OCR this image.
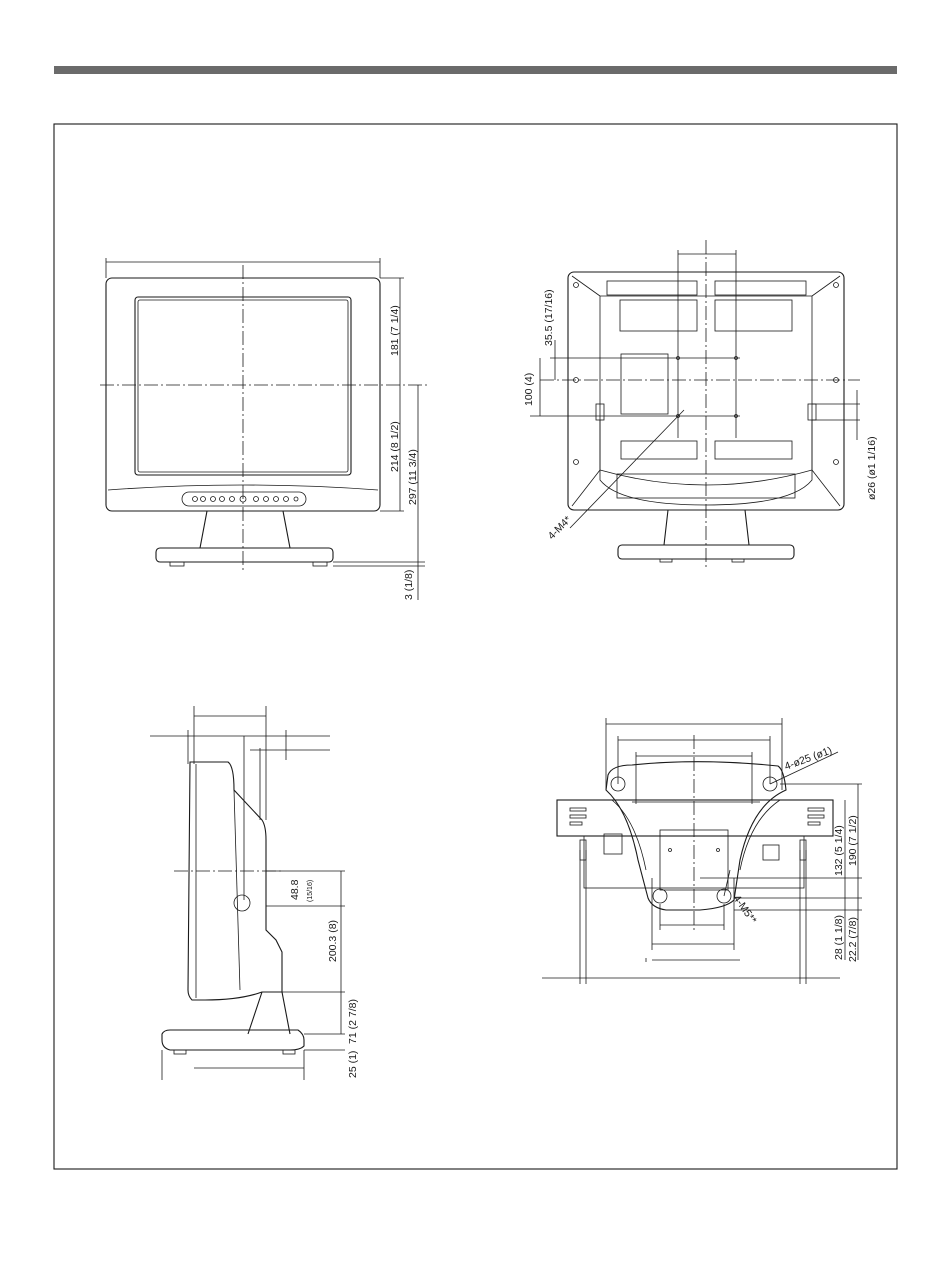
181 (7 1/4)
214 (8 1/2)
297 (11 3/4)
3 (1/8)
35.5 (17/16)
100 (4)
ø26 (ø1 1/16)
4-M4*
48.8 (15/16)
200.3 (8)
71 (2 7/8)
25 (1)
4-ø25 (ø1)
132 (5 1/4) 190 (7 1/2)
28 (1 1/8) 22.2 (7/8)
4-M5**
